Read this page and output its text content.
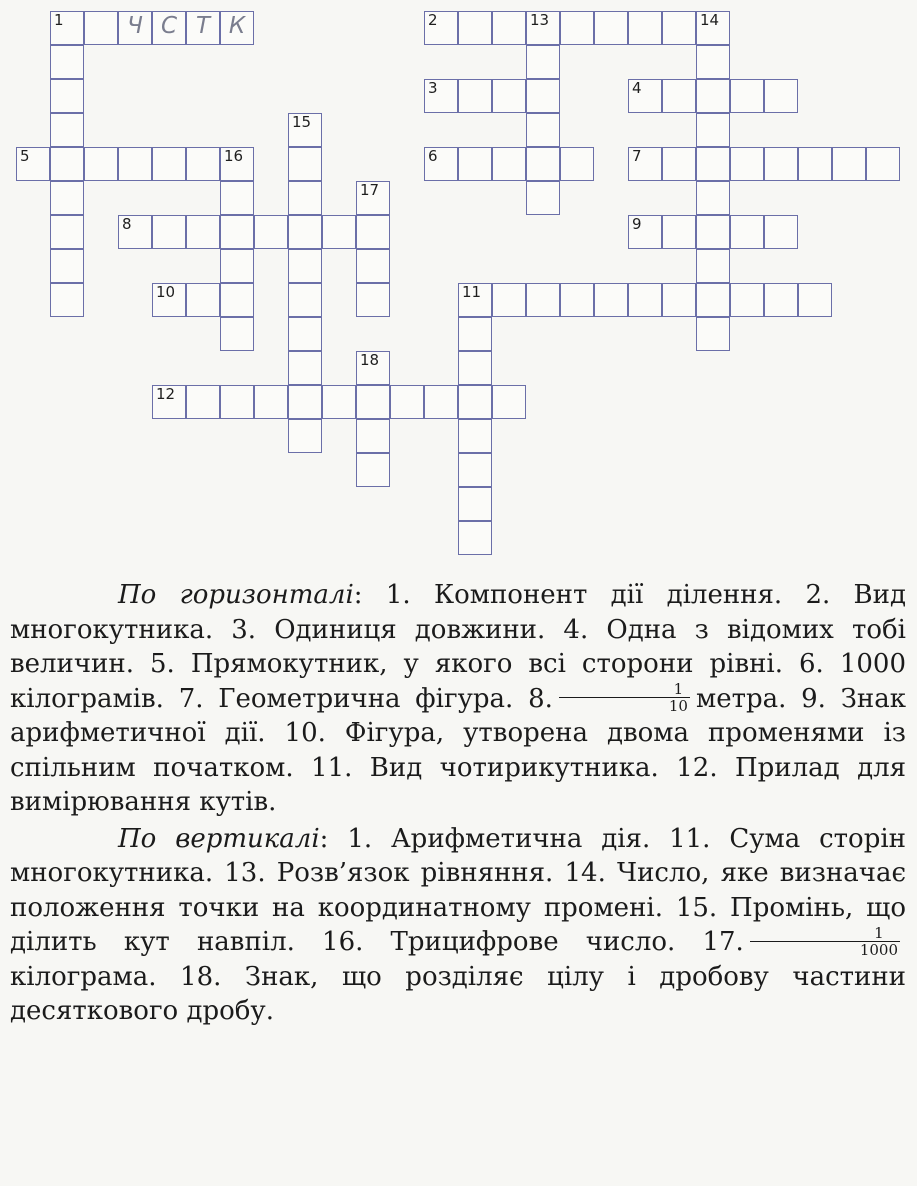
1	Ч С Т К	2	13	14
3	4
5	16	6	7
8	9
10	11
12
15
17
18

По горизонталі: 1. Компонент дії ділення. 2. Вид многокутника. 3. Одиниця довжини. 4. Одна з відомих тобі величин. 5. Прямокутник, у якого всі сторони рівні. 6. 1000 кілограмів. 7. Геометрична фігура. 8. $\frac{1}{10}$ метра. 9. Знак арифметичної дії. 10. Фігура, утворена двома променями із спільним початком. 11. Вид чотирикутника. 12. Прилад для вимірювання кутів.

По вертикалі: 1. Арифметична дія. 11. Сума сторін многокутника. 13. Розв’язок рівняння. 14. Число, яке визначає положення точки на координатному промені. 15. Промінь, що ділить кут навпіл. 16. Трицифрове число. 17. $\frac{1}{1000}$
кілограма. 18. Знак, що розділяє цілу і дробову частини десяткового дробу.
